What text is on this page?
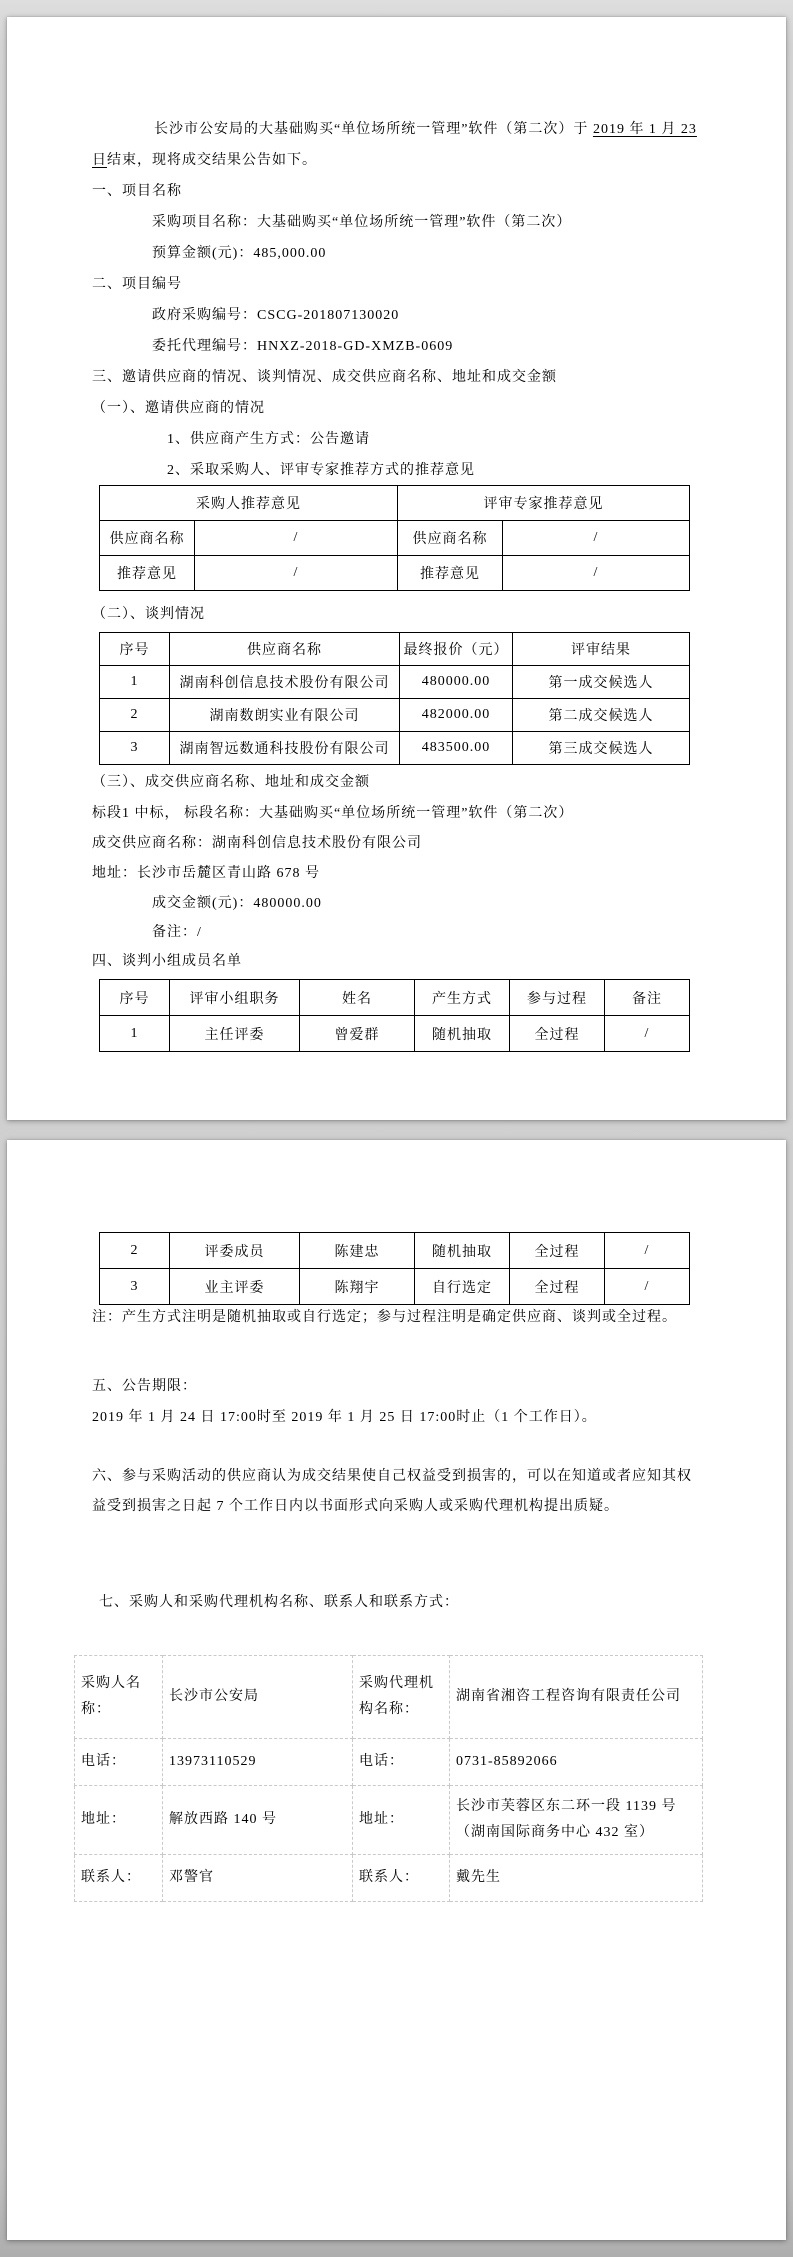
长沙市公安局的大基础购买“单位场所统一管理”软件（第二次）于 2019 年 1 月 23
日结束，现将成交结果公告如下。
一、项目名称
采购项目名称：大基础购买“单位场所统一管理”软件（第二次）
预算金额(元)：485,000.00
二、项目编号
政府采购编号：CSCG-201807130020
委托代理编号：HNXZ-2018-GD-XMZB-0609
三、邀请供应商的情况、谈判情况、成交供应商名称、地址和成交金额
（一）、邀请供应商的情况
1、供应商产生方式：公告邀请
2、采取采购人、评审专家推荐方式的推荐意见
采购人推荐意见		评审专家推荐意见	
供应商名称	/	供应商名称	/
推荐意见	/	推荐意见	/
（二）、谈判情况
序号	供应商名称	最终报价（元）	评审结果
1	湖南科创信息技术股份有限公司	480000.00	第一成交候选人
2	湖南数朗实业有限公司	482000.00	第二成交候选人
3	湖南智远数通科技股份有限公司	483500.00	第三成交候选人
（三）、成交供应商名称、地址和成交金额
标段1 中标， 标段名称：大基础购买“单位场所统一管理”软件（第二次）
成交供应商名称：湖南科创信息技术股份有限公司
地址：长沙市岳麓区青山路 678 号
成交金额(元)：480000.00
备注：/
四、谈判小组成员名单
序号	评审小组职务	姓名	产生方式	参与过程	备注
1	主任评委	曾爱群	随机抽取	全过程	/
2	评委成员	陈建忠	随机抽取	全过程	/
3	业主评委	陈翔宇	自行选定	全过程	/
注：产生方式注明是随机抽取或自行选定；参与过程注明是确定供应商、谈判或全过程。
五、公告期限：
2019 年 1 月 24 日 17:00时至 2019 年 1 月 25 日 17:00时止（1 个工作日）。
六、参与采购活动的供应商认为成交结果使自己权益受到损害的，可以在知道或者应知其权
益受到损害之日起 7 个工作日内以书面形式向采购人或采购代理机构提出质疑。
七、采购人和采购代理机构名称、联系人和联系方式：
采购人名称：	长沙市公安局	采购代理机构名称：	湖南省湘咨工程咨询有限责任公司
电话：	13973110529	电话：	0731-85892066
地址：	解放西路 140 号	地址：	长沙市芙蓉区东二环一段 1139 号（湖南国际商务中心 432 室）
联系人：	邓警官	联系人：	戴先生
